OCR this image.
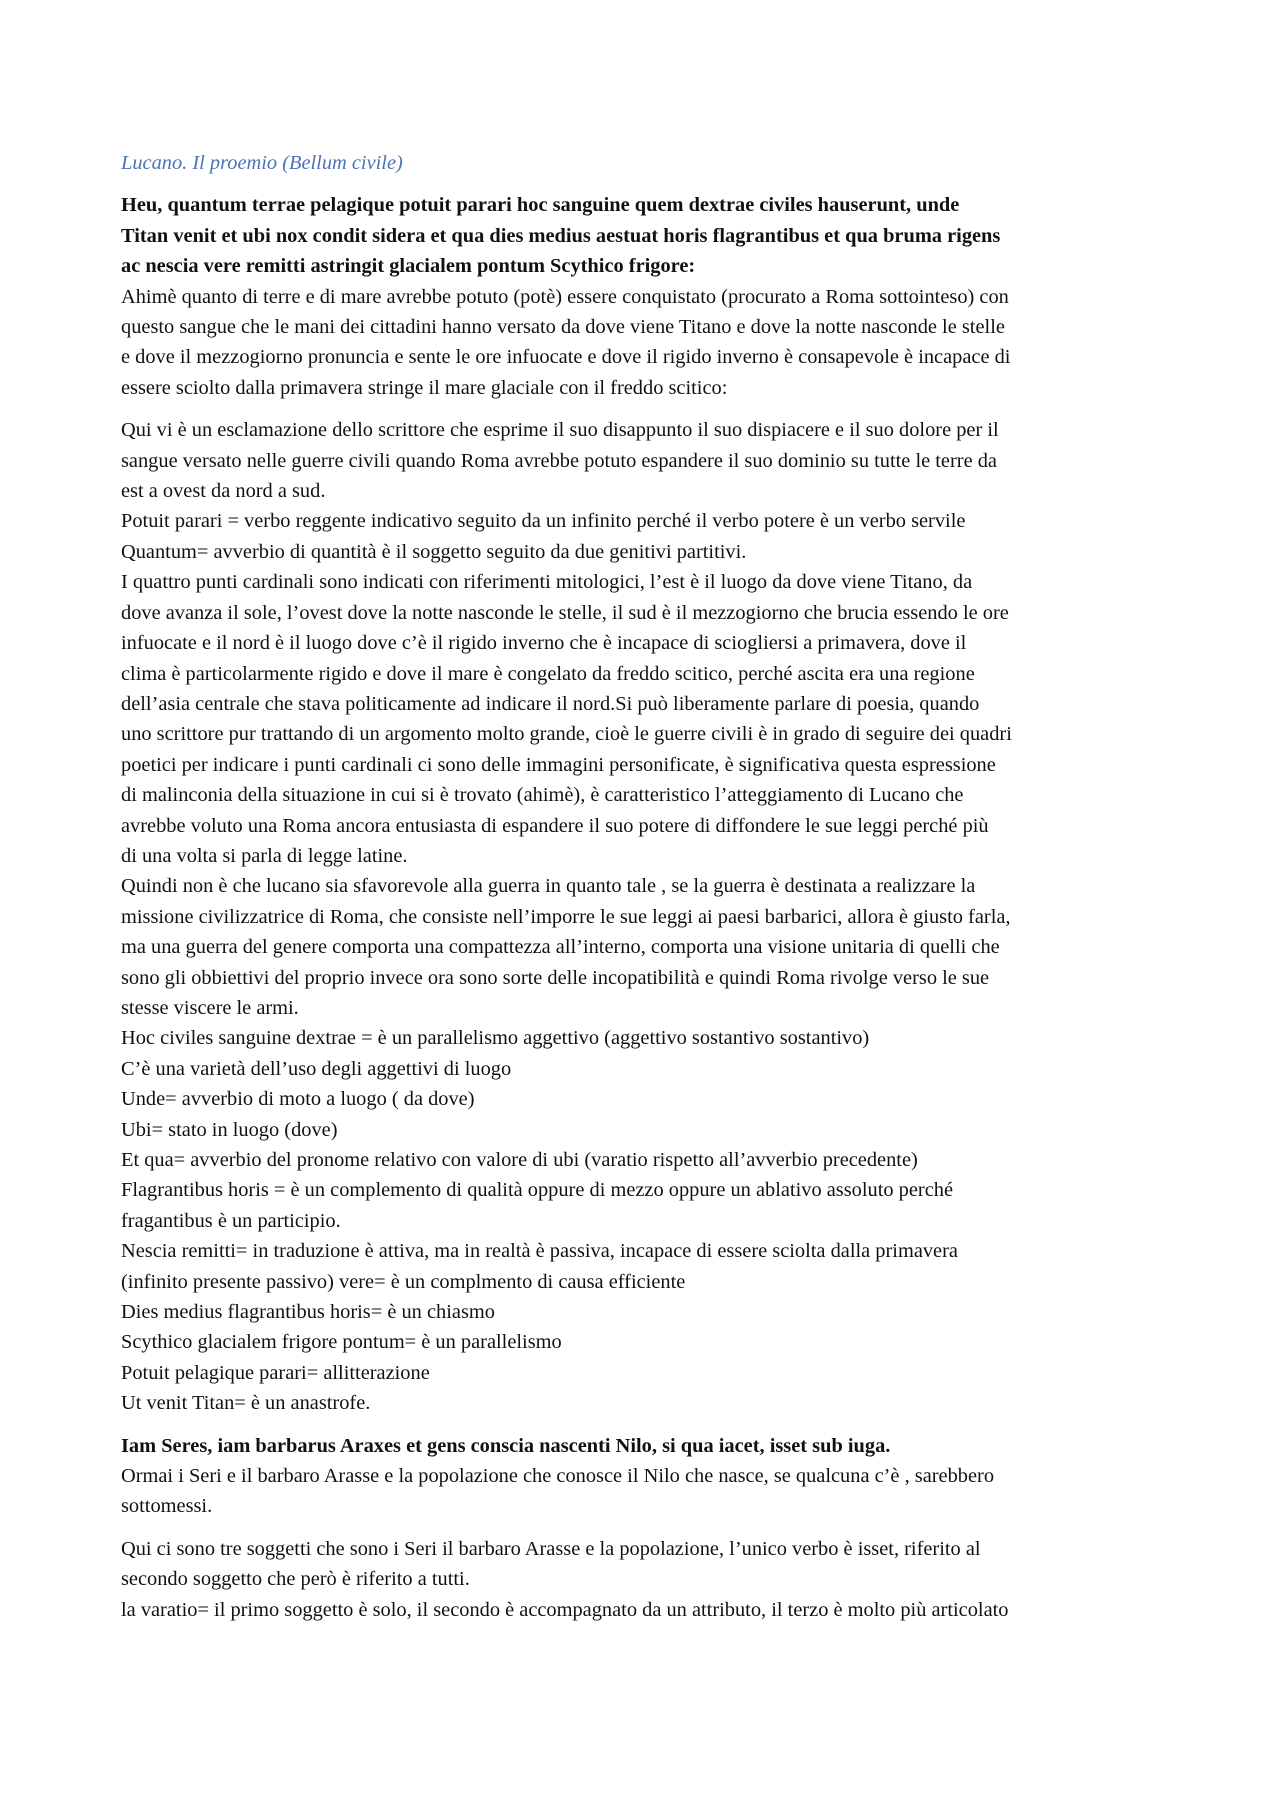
Lucano. Il proemio (Bellum civile)

Heu, quantum terrae pelagique potuit parari hoc sanguine quem dextrae civiles hauserunt, unde

Titan venit et ubi nox condit sidera et qua dies medius aestuat horis flagrantibus et qua bruma rigens

ac nescia vere remitti astringit glacialem pontum Scythico frigore:

Ahimè quanto di terre e di mare avrebbe potuto (potè) essere conquistato (procurato a Roma sottointeso) con

questo sangue che le mani dei cittadini hanno versato da dove viene Titano e dove la notte nasconde le stelle

e dove il mezzogiorno pronuncia e sente le ore infuocate e dove il rigido inverno è consapevole è incapace di

essere sciolto dalla primavera stringe il mare glaciale con il freddo scitico:

Qui vi è un esclamazione dello scrittore che esprime il suo disappunto il suo dispiacere e il suo dolore per il

sangue versato nelle guerre civili quando Roma avrebbe potuto espandere il suo dominio su tutte le terre da

est a ovest da nord a sud.

Potuit parari = verbo reggente indicativo seguito da un infinito perché il verbo potere è un verbo servile

Quantum= avverbio di quantità è il soggetto seguito da due genitivi partitivi.

I quattro punti cardinali sono indicati con riferimenti mitologici, l’est è il luogo da dove viene Titano, da

dove avanza il sole, l’ovest dove la notte nasconde le stelle, il sud è il mezzogiorno che brucia essendo le ore

infuocate e il nord è il luogo dove c’è il rigido inverno che è incapace di sciogliersi a primavera, dove il

clima è particolarmente rigido e dove il mare è congelato da freddo scitico, perché ascita era una regione

dell’asia centrale che stava politicamente ad indicare il nord.Si può liberamente parlare di poesia, quando

uno scrittore pur trattando di un argomento molto grande, cioè le guerre civili è in grado di seguire dei quadri

poetici per indicare i punti cardinali ci sono delle immagini personificate, è significativa questa espressione

di malinconia della situazione in cui si è trovato (ahimè), è caratteristico l’atteggiamento di Lucano che

avrebbe voluto una Roma ancora entusiasta di espandere il suo potere di diffondere le sue leggi perché più

di una volta si parla di legge latine.

Quindi non è che lucano sia sfavorevole alla guerra in quanto tale , se la guerra è destinata a realizzare la

missione civilizzatrice di Roma, che consiste nell’imporre le sue leggi ai paesi barbarici, allora è giusto farla,

ma una guerra del genere comporta una compattezza all’interno, comporta una visione unitaria di quelli che

sono gli obbiettivi del proprio invece ora sono sorte delle incopatibilità e quindi Roma rivolge verso le sue

stesse viscere le armi.

Hoc civiles sanguine dextrae = è un parallelismo aggettivo (aggettivo sostantivo sostantivo)

C’è una varietà dell’uso degli aggettivi di luogo

Unde= avverbio di moto a luogo ( da dove)

Ubi= stato in luogo (dove)

Et qua= avverbio del pronome relativo con valore di ubi (varatio rispetto all’avverbio precedente)

Flagrantibus horis = è un complemento di qualità oppure di mezzo oppure un ablativo assoluto perché

fragantibus è un participio.

Nescia remitti= in traduzione è attiva, ma in realtà è passiva, incapace di essere sciolta dalla primavera

(infinito presente passivo) vere= è un complmento di causa efficiente

Dies medius flagrantibus horis= è un chiasmo

Scythico glacialem frigore pontum= è un parallelismo

Potuit pelagique parari= allitterazione

Ut venit Titan= è un anastrofe.

Iam Seres, iam barbarus Araxes et gens conscia nascenti Nilo, si qua iacet, isset sub iuga.

Ormai i Seri e il barbaro Arasse e la popolazione che conosce il Nilo che nasce, se qualcuna c’è , sarebbero

sottomessi.

Qui ci sono tre soggetti che sono i Seri il barbaro Arasse e la popolazione, l’unico verbo è isset, riferito al

secondo soggetto che però è riferito a tutti.

la varatio= il primo soggetto è solo, il secondo è accompagnato da un attributo, il terzo è molto più articolato
